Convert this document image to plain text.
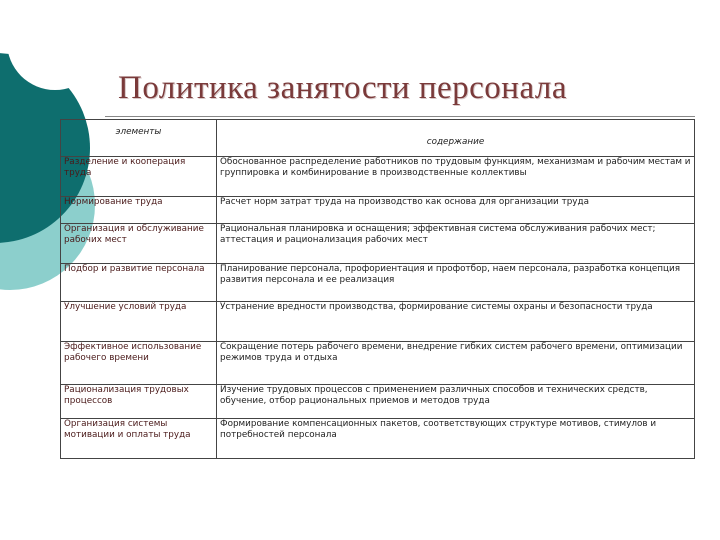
Политика занятости персонала
элементы	содержание
Разделение и кооперация труда	Обоснованное распределение работников по трудовым функциям, механизмам и рабочим местам и группировка и комбинирование в производственные коллективы
Нормирование труда	Расчет норм затрат труда на производство как основа для организации труда
Организация и обслуживание рабочих мест	Рациональная планировка и оснащения; эффективная система обслуживания рабочих мест; аттестация и рационализация рабочих мест
Подбор и развитие персонала	Планирование персонала, профориентация и профотбор, наем персонала, разработка концепция развития персонала и ее реализация
Улучшение условий труда	Устранение вредности производства, формирование системы охраны и безопасности труда
Эффективное использование рабочего времени	Сокращение потерь рабочего времени, внедрение гибких систем рабочего времени, оптимизации режимов труда и отдыха
Рационализация трудовых процессов	Изучение трудовых процессов с применением различных способов и технических средств, обучение, отбор рациональных приемов и методов труда
Организация системы мотивации и оплаты труда	Формирование компенсационных пакетов, соответствующих структуре мотивов, стимулов и потребностей персонала
